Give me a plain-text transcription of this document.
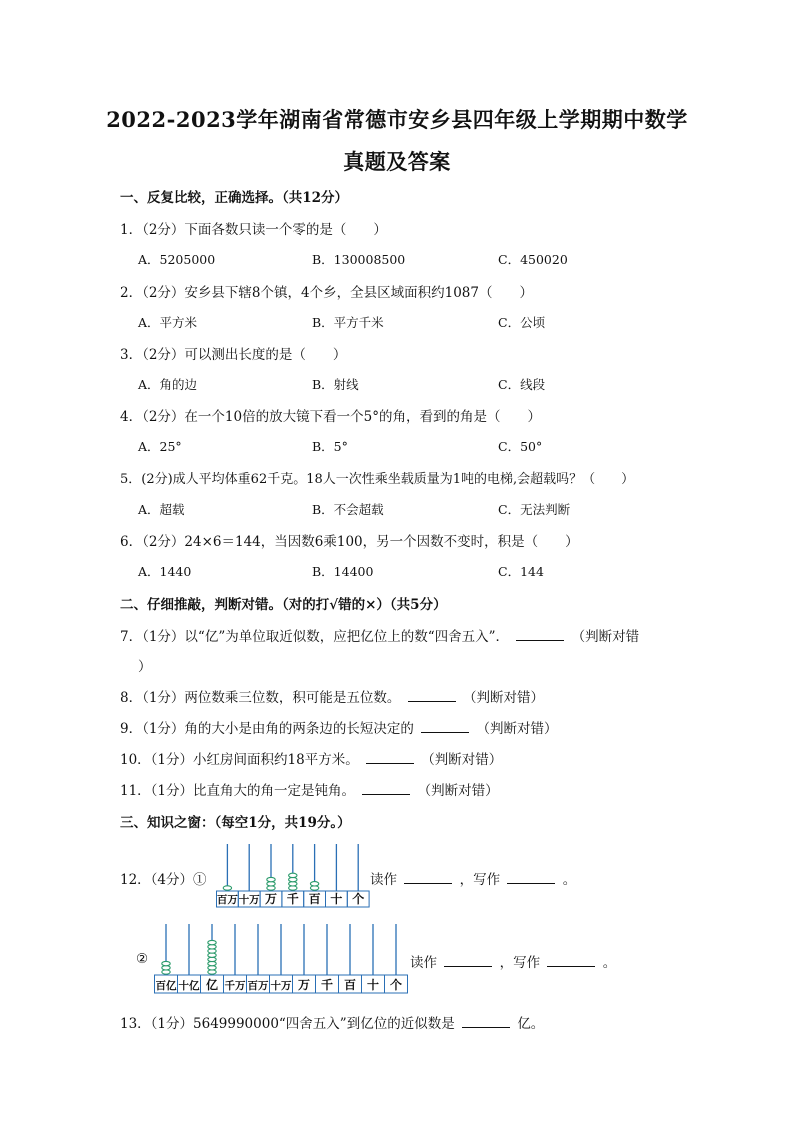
2022-2023学年湖南省常德市安乡县四年级上学期期中数学
真题及答案
一、反复比较，正确选择。（共12分）
1．（2分）下面各数只读一个零的是（　　）
A．5205000	B．130008500	C．450020
2．（2分）安乡县下辖8个镇，4个乡，全县区域面积约1087（　　）
A．平方米	B．平方千米	C．公顷
3．（2分）可以测出长度的是（　　）
A．角的边	B．射线	C．线段
4．（2分）在一个10倍的放大镜下看一个5°的角，看到的角是（　　）
A．25°	B．5°	C．50°
5．(2分)成人平均体重62千克。18人一次性乘坐载质量为1吨的电梯,会超载吗？（　　）
A．超载	B．不会超载	C．无法判断
6．（2分）24×6＝144，当因数6乘100，另一个因数不变时，积是（　　）
A．1440	B．14400	C．144
二、仔细推敲，判断对错。（对的打√错的×）（共5分）
7．（1分）以“亿”为单位取近似数，应把亿位上的数“四舍五入”．	（判断对错
）
8．（1分）两位数乘三位数，积可能是五位数。	（判断对错）
9．（1分）角的大小是由角的两条边的长短决定的	（判断对错）
10．（1分）小红房间面积约18平方米。	（判断对错）
11．（1分）比直角大的角一定是钝角。	（判断对错）
三、知识之窗：（每空1分，共19分。）
12．（4分）①
百万 十万 万 千 百 十 个
读作	，写作	。
②
百亿 十亿 亿 千万 百万 十万 万 千 百 十 个
读作	，写作	。
13．（1分）5649990000“四舍五入”到亿位的近似数是	亿。
